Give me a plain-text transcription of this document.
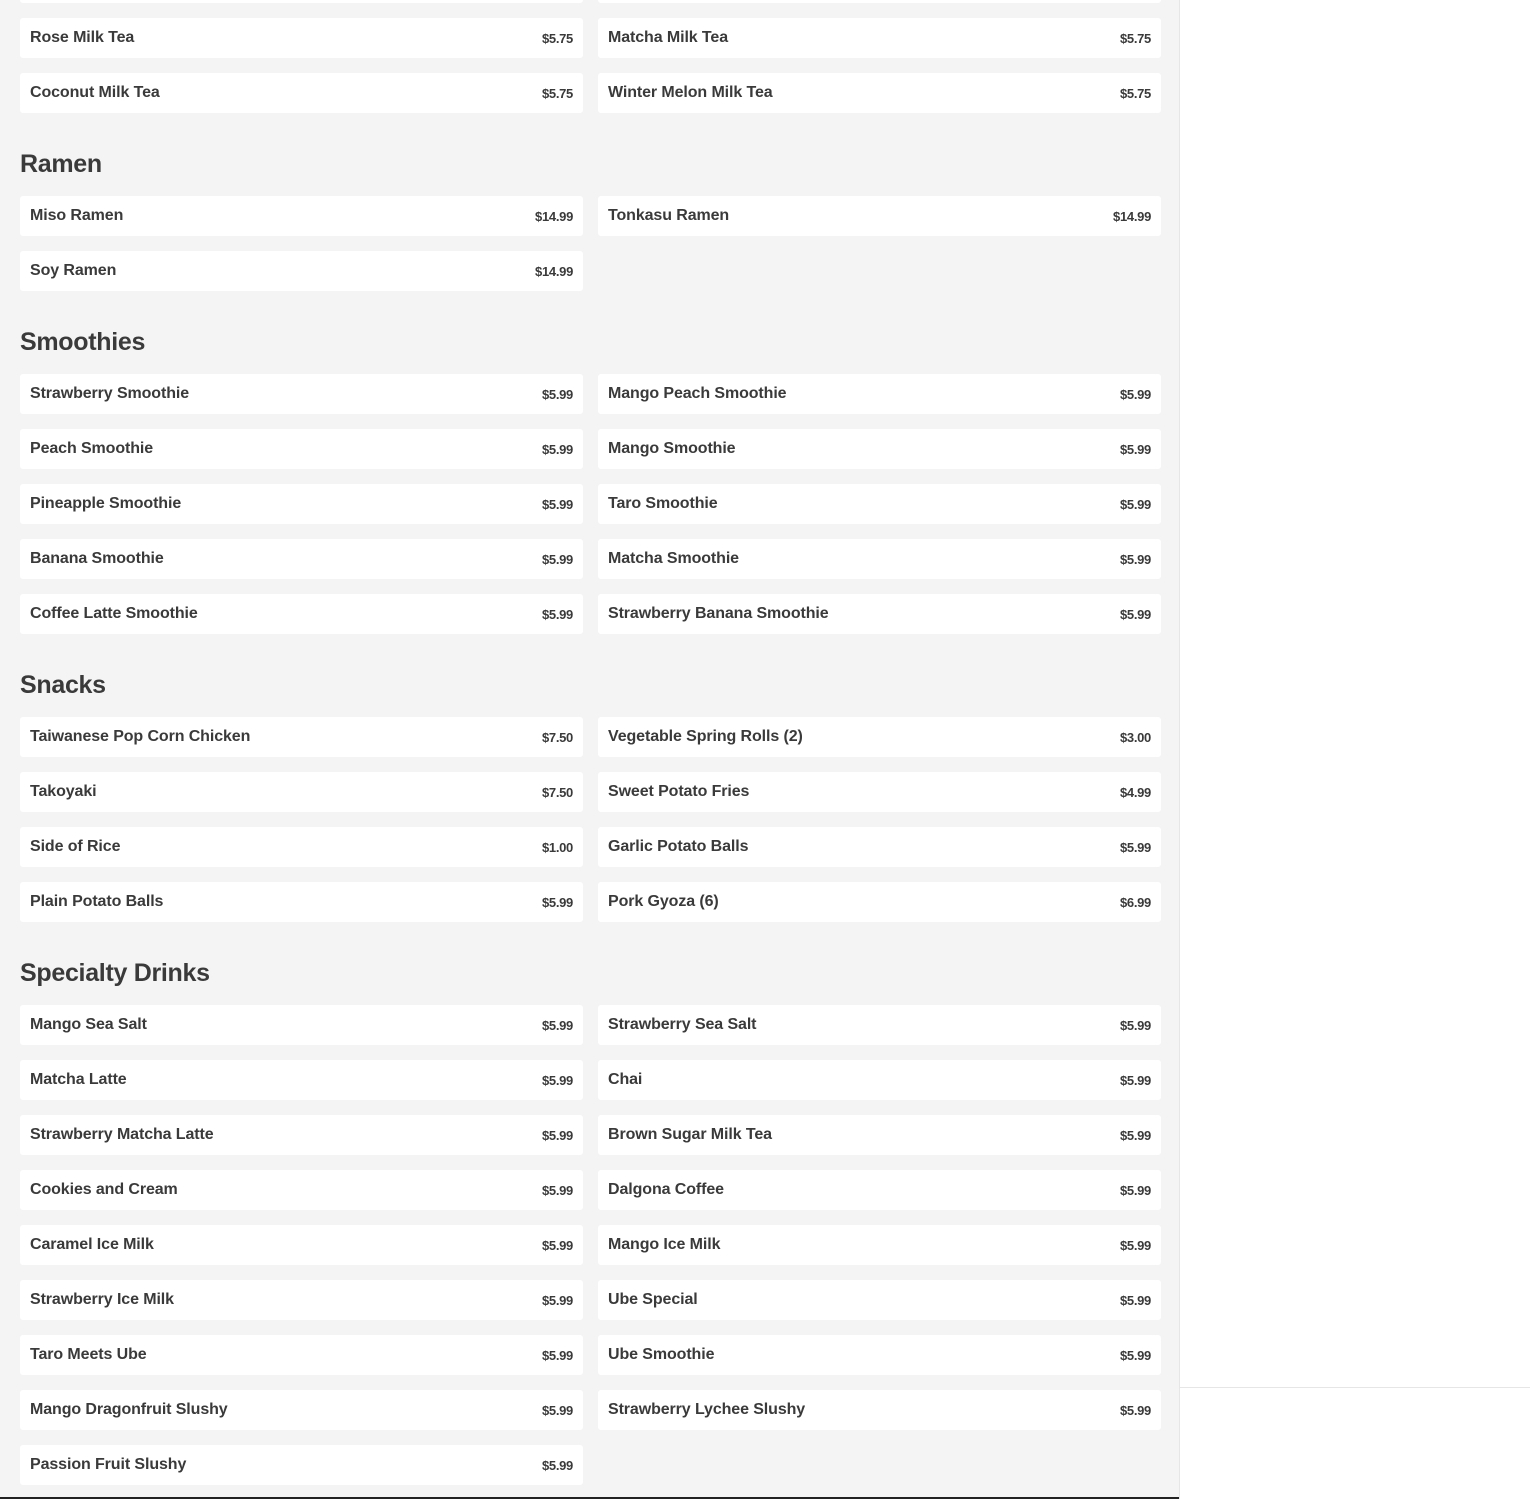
Rose Milk Tea	$5.75 Matcha Milk Tea	$5.75
Coconut Milk Tea	$5.75 Winter Melon Milk Tea	$5.75
Ramen
Miso Ramen	$14.99 Tonkasu Ramen	$14.99
Soy Ramen	$14.99
Smoothies
Strawberry Smoothie	$5.99 Mango Peach Smoothie	$5.99
Peach Smoothie	$5.99 Mango Smoothie	$5.99
Pineapple Smoothie	$5.99 Taro Smoothie	$5.99
Banana Smoothie	$5.99 Matcha Smoothie	$5.99
Coffee Latte Smoothie	$5.99 Strawberry Banana Smoothie	$5.99
Snacks
Taiwanese Pop Corn Chicken	$7.50 Vegetable Spring Rolls (2)	$3.00
Takoyaki	$7.50 Sweet Potato Fries	$4.99
Side of Rice	$1.00 Garlic Potato Balls	$5.99
Plain Potato Balls	$5.99 Pork Gyoza (6)	$6.99
Specialty Drinks
Mango Sea Salt	$5.99 Strawberry Sea Salt	$5.99
Matcha Latte	$5.99 Chai	$5.99
Strawberry Matcha Latte	$5.99 Brown Sugar Milk Tea	$5.99
Cookies and Cream	$5.99 Dalgona Coffee	$5.99
Caramel Ice Milk	$5.99 Mango Ice Milk	$5.99
Strawberry Ice Milk	$5.99 Ube Special	$5.99
Taro Meets Ube	$5.99 Ube Smoothie	$5.99
Mango Dragonfruit Slushy	$5.99 Strawberry Lychee Slushy	$5.99
Passion Fruit Slushy	$5.99
